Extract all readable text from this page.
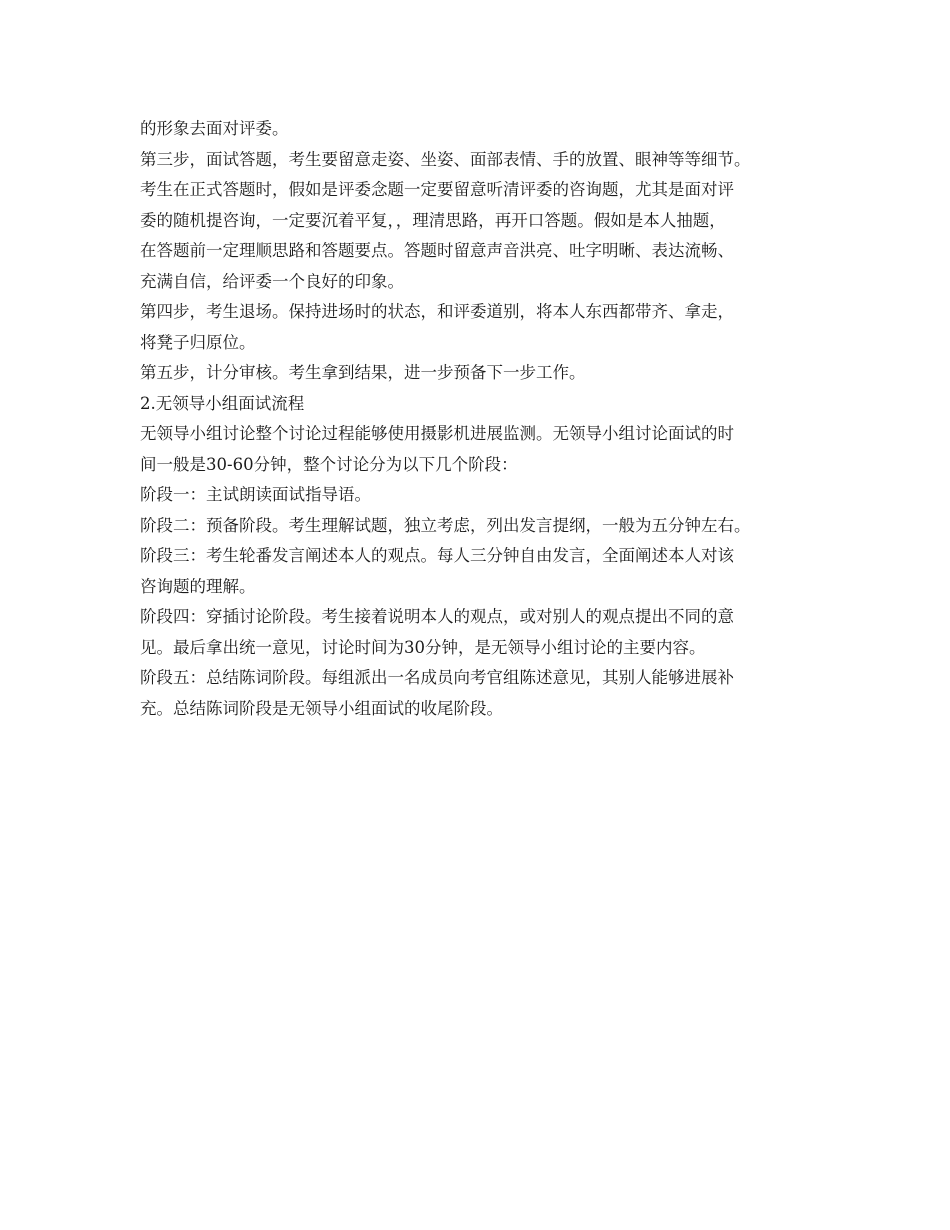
的形象去面对评委。
第三步，面试答题，考生要留意走姿、坐姿、面部表情、手的放置、眼神等等细节。
考生在正式答题时，假如是评委念题一定要留意听清评委的咨询题，尤其是面对评
委的随机提咨询，一定要沉着平复，，理清思路，再开口答题。假如是本人抽题，
在答题前一定理顺思路和答题要点。答题时留意声音洪亮、吐字明晰、表达流畅、
充满自信，给评委一个良好的印象。
第四步，考生退场。保持进场时的状态，和评委道别，将本人东西都带齐、拿走，
将凳子归原位。
第五步，计分审核。考生拿到结果，进一步预备下一步工作。
2.无领导小组面试流程
无领导小组讨论整个讨论过程能够使用摄影机进展监测。无领导小组讨论面试的时
间一般是30-60分钟，整个讨论分为以下几个阶段：
阶段一：主试朗读面试指导语。
阶段二：预备阶段。考生理解试题，独立考虑，列出发言提纲，一般为五分钟左右。
阶段三：考生轮番发言阐述本人的观点。每人三分钟自由发言，全面阐述本人对该
咨询题的理解。
阶段四：穿插讨论阶段。考生接着说明本人的观点，或对别人的观点提出不同的意
见。最后拿出统一意见，讨论时间为30分钟，是无领导小组讨论的主要内容。
阶段五：总结陈词阶段。每组派出一名成员向考官组陈述意见，其别人能够进展补
充。总结陈词阶段是无领导小组面试的收尾阶段。
